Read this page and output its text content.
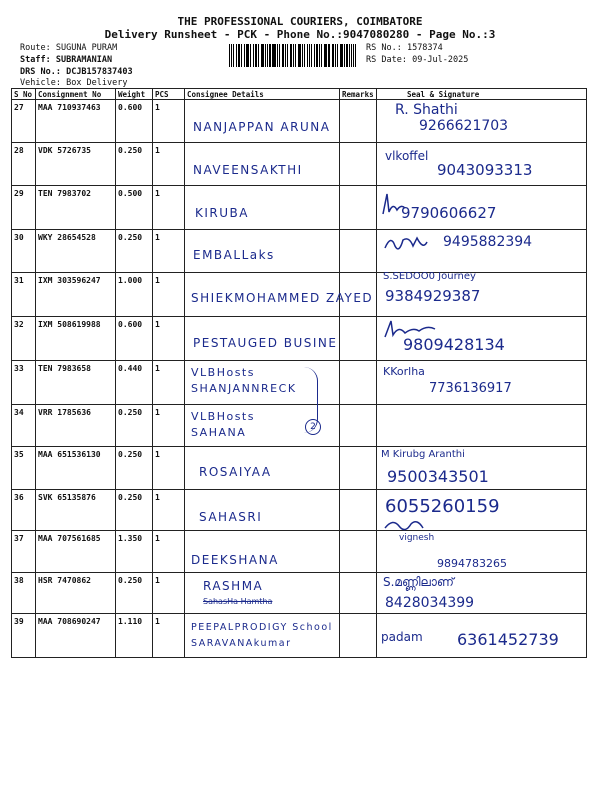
THE PROFESSIONAL COURIERS, COIMBATORE
Delivery Runsheet - PCK - Phone No.:9047080280 - Page No.:3
Route: SUGUNA PURAM
Staff: SUBRAMANIAN
DRS No.: DCJB157837403
Vehicle: Box Delivery
RS No.: 1578374
RS Date: 09-Jul-2025
S No	Consignment No	Weight	PCS	Consignee Details	Remarks	Seal & Signature
27	MAA 710937463	0.600	1	NANJAPPAN ARUNA		R. Shathi
9266621703

28	VDK 5726735	0.250	1	NAVEENSAKTHI		vlkoffel
9043093313

29	TEN 7983702	0.500	1	KIRUBA		9790606627

30	WKY 28654528	0.250	1	EMBALLaks		9495882394

31	IXM 303596247	1.000	1	SHIEKMOHAMMED ZAYED		S.SEDOO0 Journey
9384929387

32	IXM 508619988	0.600	1	PESTAUGED BUSINE		9809428134

33	TEN 7983658	0.440	1	VLBHosts SHANJANNRECK		KKorlha
7736136917

34	VRR 1785636	0.250	1	VLBHosts SAHANA 2		

35	MAA 651536130	0.250	1	ROSAIYAA		M Kirubg Aranthi
9500343501

36	SVK 65135876	0.250	1	SAHASRI		6055260159

37	MAA 707561685	1.350	1	DEEKSHANA		vignesh
9894783265

38	HSR 7470862	0.250	1	RASHMA
SahasHa Hamtha		S.മണ്ണിലാണ്
8428034399

39	MAA 708690247	1.110	1	PEEPALPRODIGY School SARAVANAkumar		padam 6361452739
